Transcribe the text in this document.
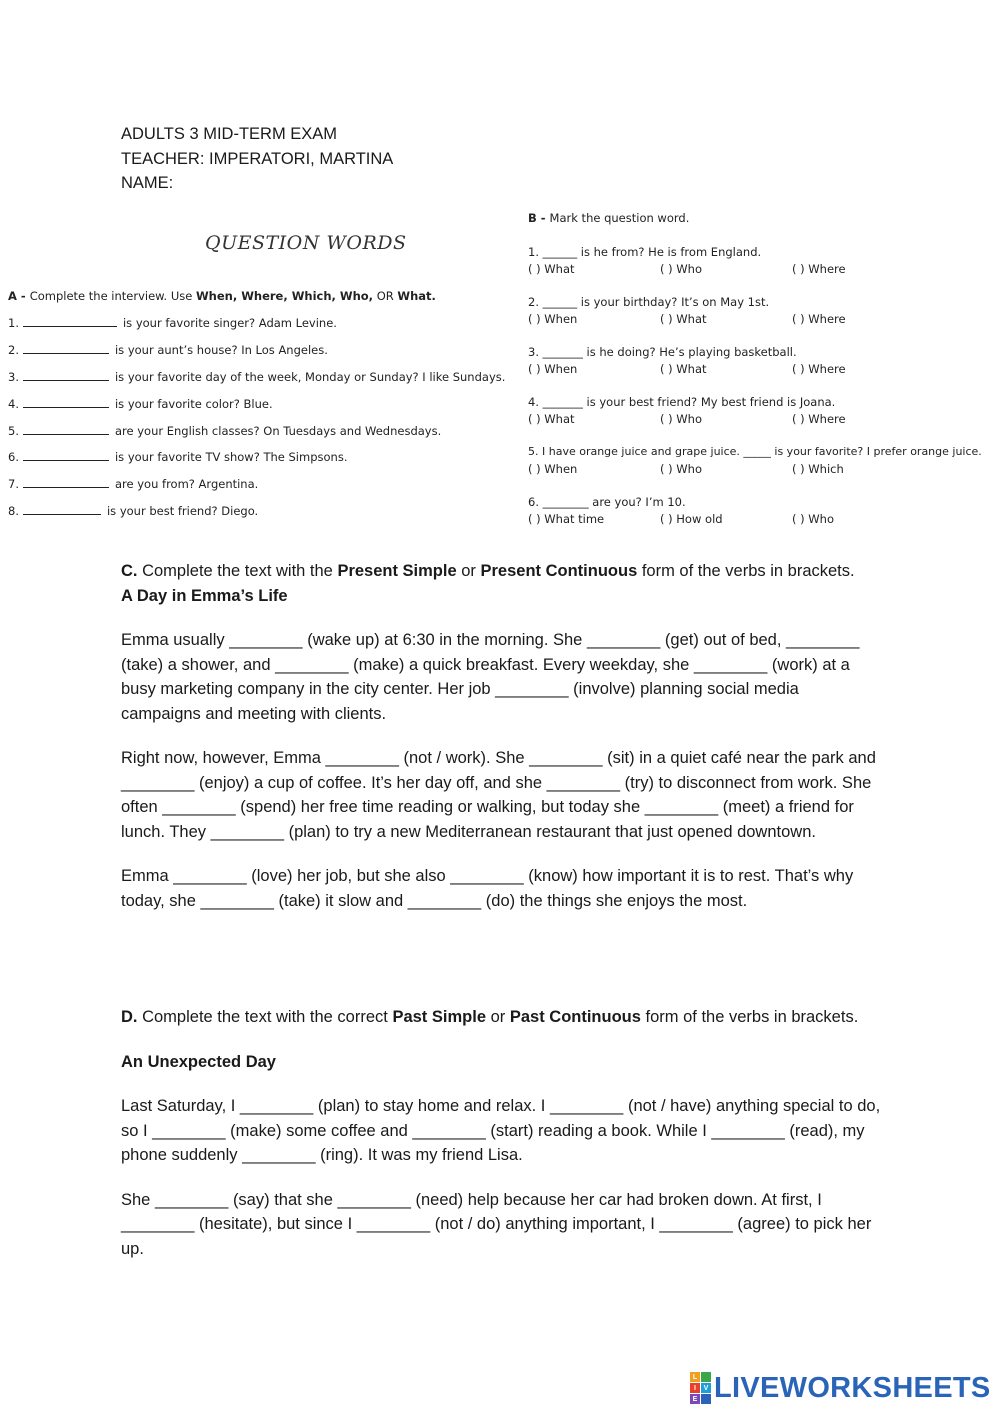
ADULTS 3 MID-TERM EXAM
TEACHER: IMPERATORI, MARTINA
NAME:
QUESTION WORDS
A - Complete the interview. Use When, Where, Which, Who, OR What.
1.	is your favorite singer? Adam Levine.
2.	is your aunt’s house? In Los Angeles.
3.	is your favorite day of the week, Monday or Sunday? I like Sundays.
4.	is your favorite color? Blue.
5.	are your English classes? On Tuesdays and Wednesdays.
6.	is your favorite TV show? The Simpsons.
7.	are you from? Argentina.
8.	is your best friend? Diego.
B - Mark the question word.
1. ______ is he from? He is from England.
( ) What	( ) Who	( ) Where
2. ______ is your birthday? It’s on May 1st.
( ) When	( ) What	( ) Where
3. _______ is he doing? He’s playing basketball.
( ) When	( ) What	( ) Where
4. _______ is your best friend? My best friend is Joana.
( ) What	( ) Who	( ) Where
5. I have orange juice and grape juice. _____ is your favorite? I prefer orange juice.
( ) When	( ) Who	( ) Which
6. ________ are you? I’m 10.
( ) What time	( ) How old	( ) Who

C. Complete the text with the Present Simple or Present Continuous form of the verbs in brackets.

A Day in Emma’s Life

Emma usually ________ (wake up) at 6:30 in the morning. She ________ (get) out of bed, ________ (take) a shower, and ________ (make) a quick breakfast. Every weekday, she ________ (work) at a busy marketing company in the city center. Her job ________ (involve) planning social media campaigns and meeting with clients.

Right now, however, Emma ________ (not / work). She ________ (sit) in a quiet café near the park and ________ (enjoy) a cup of coffee. It’s her day off, and she ________ (try) to disconnect from work. She often ________ (spend) her free time reading or walking, but today she ________ (meet) a friend for lunch. They ________ (plan) to try a new Mediterranean restaurant that just opened downtown.

Emma ________ (love) her job, but she also ________ (know) how important it is to rest. That’s why today, she ________ (take) it slow and ________ (do) the things she enjoys the most.

D. Complete the text with the correct Past Simple or Past Continuous form of the verbs in brackets.

An Unexpected Day

Last Saturday, I ________ (plan) to stay home and relax. I ________ (not / have) anything special to do, so I ________ (make) some coffee and ________ (start) reading a book. While I ________ (read), my phone suddenly ________ (ring). It was my friend Lisa.

She ________ (say) that she ________ (need) help because her car had broken down. At first, I ________ (hesitate), but since I ________ (not / do) anything important, I ________ (agree) to pick her up.

L
I	V
E LIVEWORKSHEETS
